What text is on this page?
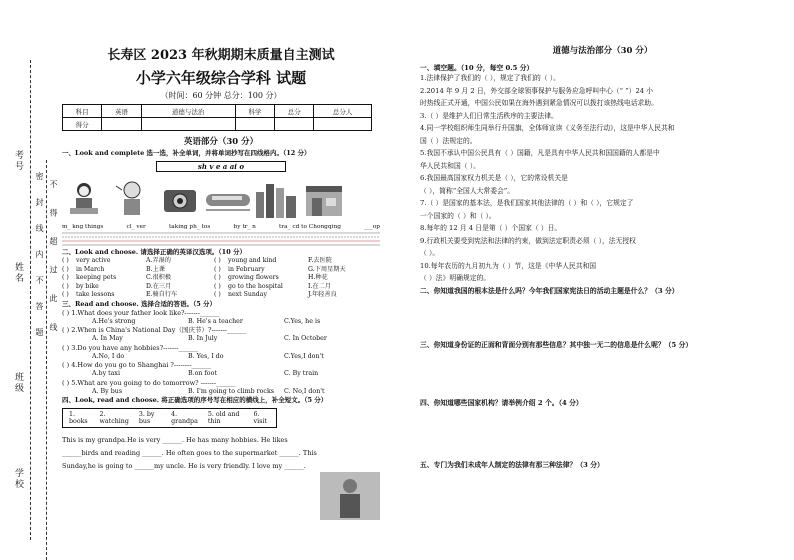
考号
姓名
班级
学校
密封线内不答题
不 得 超 过 此 线
长寿区 2023 年秋期期末质量自主测试
小学六年级综合学科 试题
（时间：60 分钟 总分：100 分）
科目	英语	道德与法治	科学	总分	总分人
得分					
英语部分（30 分）
一、Look and complete 选一选，补全单词，并将单词抄写在四线格内。（12 分）
sh v e a ai o
m_ kng things	cl_ ver	taking ph_ tos	by tr_ n	tra_ cd to Chongqing	___op
二、Look and choose. 请选择正确的英译汉选项。（10 分）
( )	very active	A.弄湿的	( )	young and kind	F.去医院
( )	in March	B.上课	( )	in February	G.下周星期天
( )	keeping pets	C.很积极	( )	growing flowers	H.种花
( )	by bike	D.在三月	( )	go to the hospital	I.在二月
( )	take lessons	E.骑自行车	( )	next Sunday	J.年轻善良
三、Read and choose. 选择合适的答语。（5 分）
( ) 1.What does your father look like?-------______
A.He's strong	B. He's a teacher	C.Yes, he is
( ) 2.When is China's National Day（国庆节）?-------______
A. In May	B. In July	C. In October
( ) 3.Do you have any hobbies?-------______
A.No, I do	B. Yes, I do	C.Yes,I don't
( ) 4.How do you go to Shanghai ?--------______
A.by taxi	B.on foot	C. By train
( ) 5.What are you going to do tomorrow? -------______
A. By bus	B. I'm going to climb rocks	C. No,I don't
四、Look, read and choose. 将正确选项的序号写在相应的横线上，补全短文。（5 分）
1. books
2. watching
3. by bus
4. grandpa
5. old and thin
6. visit
This is my grandpa.He is very ______. He has many hobbies. He likes
______birds and reading ______. He often goes to the supermarket ______. This
Sunday,he is going to ______my uncle. He is very friendly. I love my ______.
道德与法治部分（30 分）
一、填空题。（10 分，每空 0.5 分）
1.法律保护了我们的（ ），规定了我们的（ ）。
2.2014 年 9 月 2 日，外交部全球领事保护与服务应急呼叫中心（“ ”）24 小
时热线正式开通，中国公民如果在海外遇到紧急情况可以拨打该热线电话求助。
3.（ ）是维护人们日常生活秩序的主要法律。
4.同一学校组织师生同举行升国旗，全体师宣读《义务至法行动》，这是中华人民共和
国（ ）法规定的。
5.我国不承认中国公民具有（ ）国籍，凡是具有中华人民共和国国籍的人都是中
华人民共和国（ ）。
6.我国最高国家权力机关是（ ），它的常设机关是
（ ），简称“全国人大常委会”。
7.（ ）是国家的基本法，是我们国家其他法律的（ ）和（ ），它规定了
一个国家的（ ）和（ ）。
8.每年的 12 月 4 日是第（ ）个国家（ ）日。
9.行政机关要受到宪法和法律的约束，做到法定职责必须（ ），法无授权
（ ）。
10.每年农历的九月初九为（ ）节，这是《中华人民共和国
（ ）法》明确规定的。
二、你知道我国的根本法是什么吗？今年我们国家宪法日的活动主题是什么？（3 分）
三、你知道身份证的正面和背面分别有那些信息？其中独一无二的信息是什么呢？（5 分）
四、你知道哪些国家机构？请举例介绍 2 个。（4 分）
五、专门为我们未成年人制定的法律有那三种法律？（3 分）
